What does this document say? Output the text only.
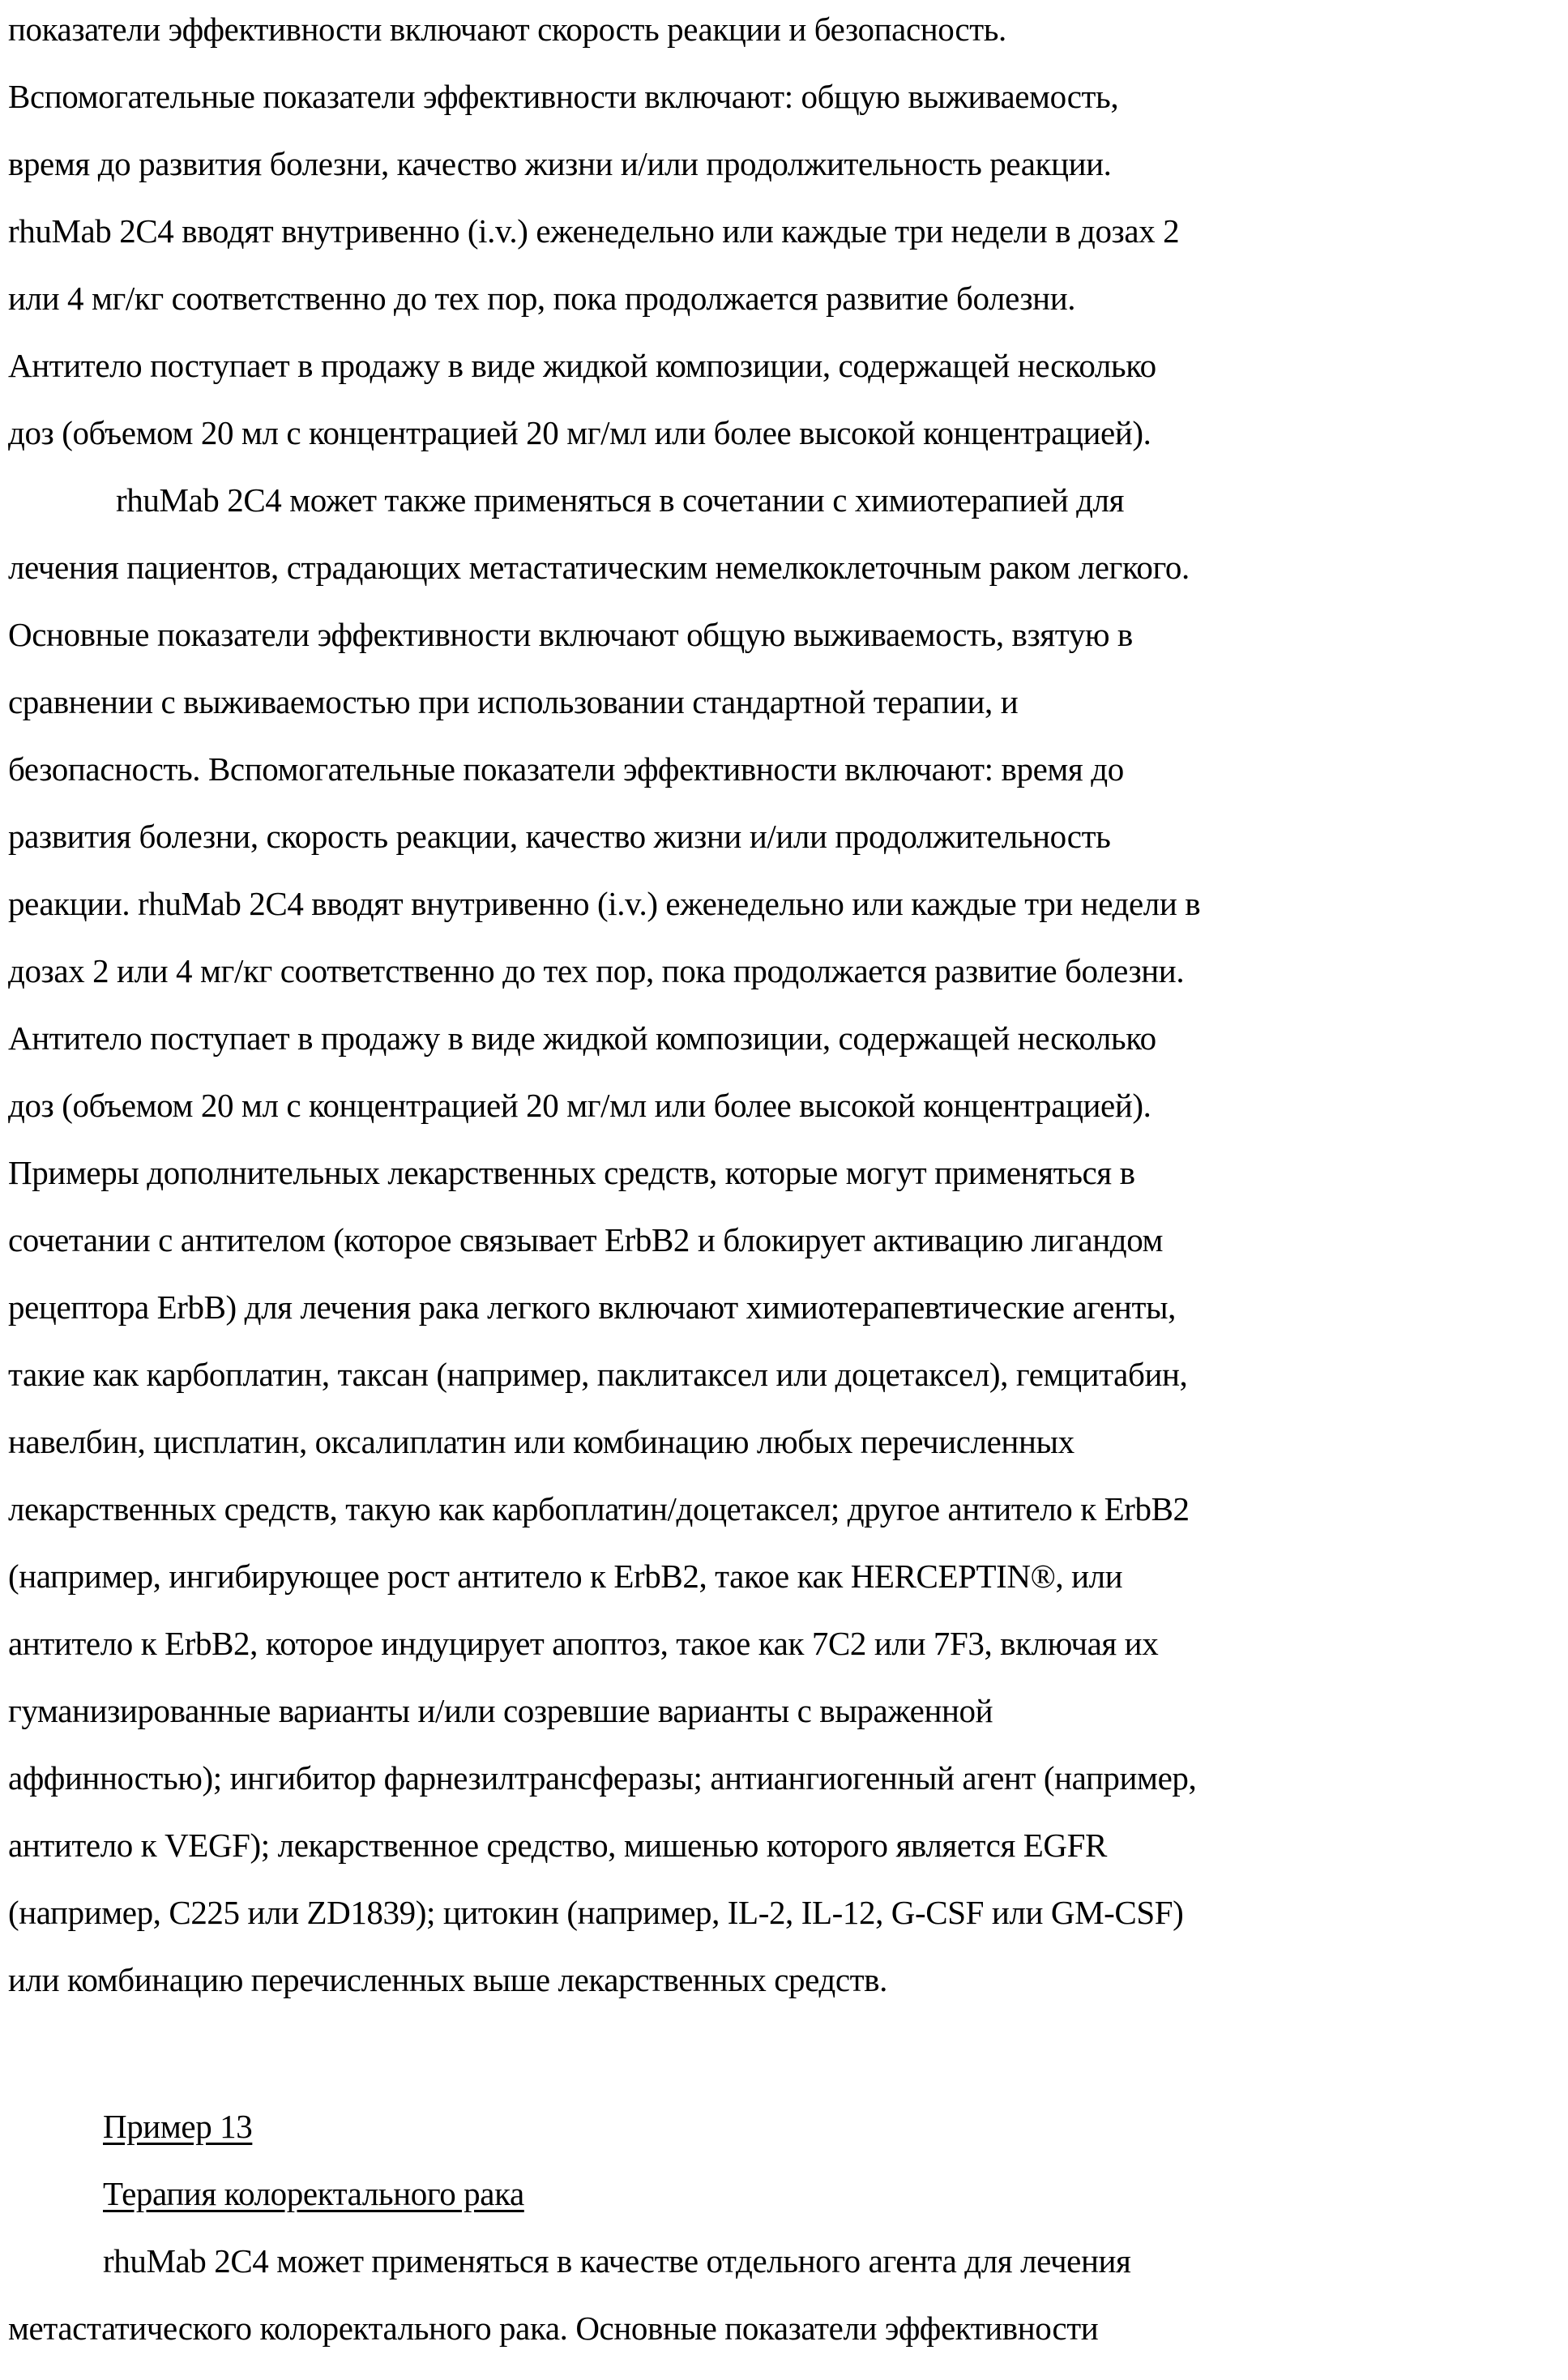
показатели эффективности включают скорость реакции и безопасность.
Вспомогательные показатели эффективности включают: общую выживаемость,
время до развития болезни, качество жизни и/или продолжительность реакции.
rhuMab 2C4 вводят внутривенно (i.v.) еженедельно или каждые три недели в дозах 2
или 4 мг/кг соответственно до тех пор, пока продолжается развитие болезни.
Антитело поступает в продажу в виде жидкой композиции, содержащей несколько
доз (объемом 20 мл с концентрацией 20 мг/мл или более высокой концентрацией).
rhuMab 2C4 может также применяться в сочетании с химиотерапией для
лечения пациентов, страдающих метастатическим немелкоклеточным раком легкого.
Основные показатели эффективности включают общую выживаемость, взятую в
сравнении с выживаемостью при использовании стандартной терапии, и
безопасность. Вспомогательные показатели эффективности включают: время до
развития болезни, скорость реакции, качество жизни и/или продолжительность
реакции. rhuMab 2C4 вводят внутривенно (i.v.) еженедельно или каждые три недели в
дозах 2 или 4 мг/кг соответственно до тех пор, пока продолжается развитие болезни.
Антитело поступает в продажу в виде жидкой композиции, содержащей несколько
доз (объемом 20 мл с концентрацией 20 мг/мл или более высокой концентрацией).
Примеры дополнительных лекарственных средств, которые могут применяться в
сочетании с антителом (которое связывает ErbB2 и блокирует активацию лигандом
рецептора ErbB) для лечения рака легкого включают химиотерапевтические агенты,
такие как карбоплатин, таксан (например, паклитаксел или доцетаксел), гемцитабин,
навелбин, цисплатин, оксалиплатин или комбинацию любых перечисленных
лекарственных средств, такую как карбоплатин/доцетаксел; другое антитело к ErbB2
(например, ингибирующее рост антитело к ErbB2, такое как HERCEPTIN®, или
антитело к ErbB2, которое индуцирует апоптоз, такое как 7C2 или 7F3, включая их
гуманизированные варианты и/или созревшие варианты с выраженной
аффинностью); ингибитор фарнезилтрансферазы; антиангиогенный агент (например,
антитело к VEGF); лекарственное средство, мишенью которого является EGFR
(например, C225 или ZD1839); цитокин (например, IL-2, IL-12, G-CSF или GM-CSF)
или комбинацию перечисленных выше лекарственных средств.
Пример 13
Терапия колоректального рака
rhuMab 2C4 может применяться в качестве отдельного агента для лечения
метастатического колоректального рака. Основные показатели эффективности
